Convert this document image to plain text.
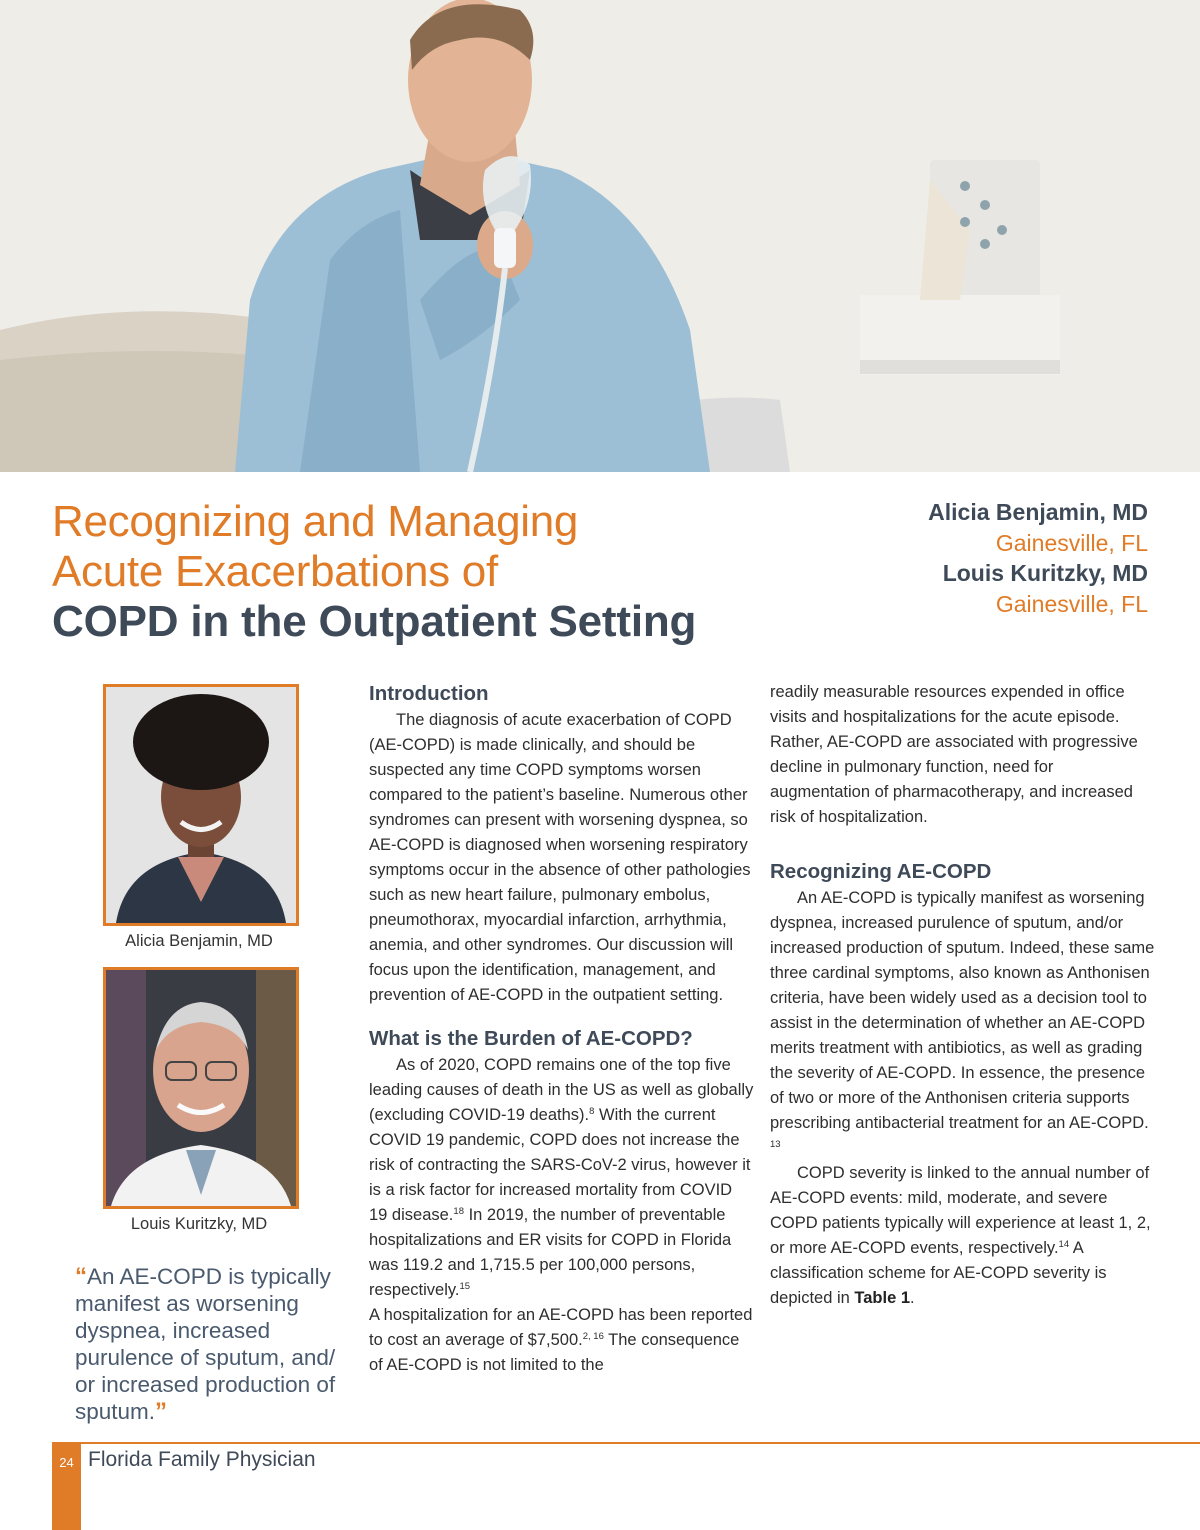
Recognizing and Managing
Acute Exacerbations of
COPD in the Outpatient Setting
Alicia Benjamin, MD
Gainesville, FL
Louis Kuritzky, MD
Gainesville, FL
Alicia Benjamin, MD
Louis Kuritzky, MD

“An AE-COPD is typically manifest as worsening dyspnea, increased purulence of sputum, and/ or increased production of sputum.”

Introduction

The diagnosis of acute exacerbation of COPD (AE-COPD) is made clinically, and should be suspected any time COPD symptoms worsen compared to the patient’s baseline. Numerous other syndromes can present with worsening dyspnea, so AE-COPD is diagnosed when worsening respiratory symptoms occur in the absence of other pathologies such as new heart failure, pulmonary embolus, pneumothorax, myocardial infarction, arrhythmia, anemia, and other syndromes. Our discussion will focus upon the identification, management, and prevention of AE-COPD in the outpatient setting.

What is the Burden of AE-COPD?

As of 2020, COPD remains one of the top five leading causes of death in the US as well as globally (excluding COVID-19 deaths).$^8$ With the current COVID 19 pandemic, COPD does not increase the risk of contracting the SARS-CoV-2 virus, however it is a risk factor for increased mortality from COVID 19 disease.$^{18}$ In 2019, the number of preventable hospitalizations and ER visits for COPD in Florida was 119.2 and 1,715.5 per 100,000 persons, respectively.$^{15}$
A hospitalization for an AE-COPD has been reported to cost an average of $7,500.$^{2, 16}$ The consequence of AE-COPD is not limited to the

readily measurable resources expended in office visits and hospitalizations for the acute episode. Rather, AE-COPD are associated with progressive decline in pulmonary function, need for augmentation of pharmacotherapy, and increased risk of hospitalization.

Recognizing AE-COPD

An AE-COPD is typically manifest as worsening dyspnea, increased purulence of sputum, and/or increased production of sputum. Indeed, these same three cardinal symptoms, also known as Anthonisen criteria, have been widely used as a decision tool to assist in the determination of whether an AE-COPD merits treatment with antibiotics, as well as grading the severity of AE-COPD. In essence, the presence of two or more of the Anthonisen criteria supports prescribing antibacterial treatment for an AE-COPD. $^{13}$

COPD severity is linked to the annual number of AE-COPD events: mild, moderate, and severe COPD patients typically will experience at least 1, 2, or more AE-COPD events, respectively.$^{14}$ A classification scheme for AE-COPD severity is depicted in Table 1.

24 Florida Family Physician
